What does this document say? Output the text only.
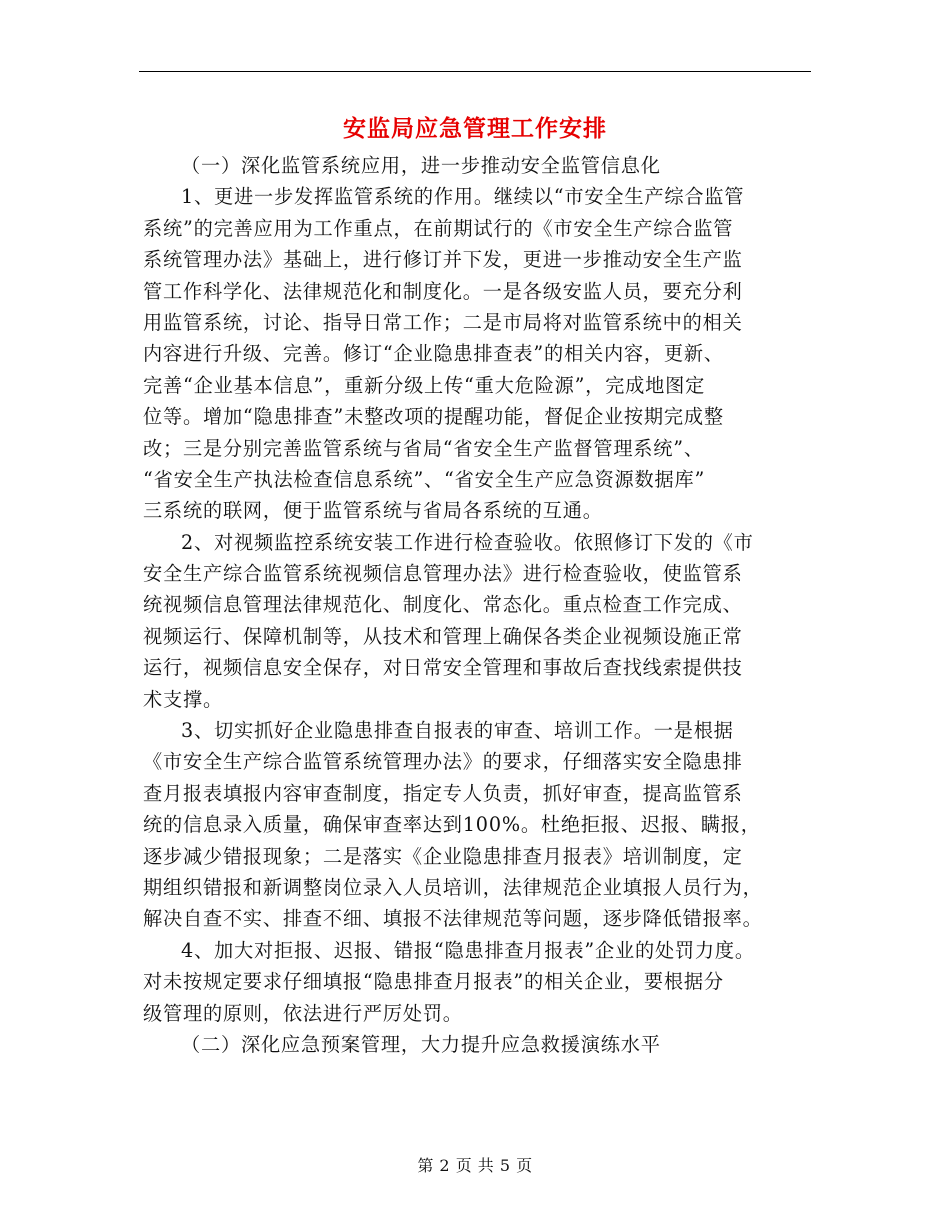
安监局应急管理工作安排
（一）深化监管系统应用，进一步推动安全监管信息化
1、更进一步发挥监管系统的作用。继续以“市安全生产综合监管
系统”的完善应用为工作重点，在前期试行的《市安全生产综合监管
系统管理办法》基础上，进行修订并下发，更进一步推动安全生产监
管工作科学化、法律规范化和制度化。一是各级安监人员，要充分利
用监管系统，讨论、指导日常工作；二是市局将对监管系统中的相关
内容进行升级、完善。修订“企业隐患排查表”的相关内容，更新、
完善“企业基本信息”，重新分级上传“重大危险源”，完成地图定
位等。增加“隐患排查”未整改项的提醒功能，督促企业按期完成整
改；三是分别完善监管系统与省局“省安全生产监督管理系统”、
“省安全生产执法检查信息系统”、“省安全生产应急资源数据库”
三系统的联网，便于监管系统与省局各系统的互通。
2、对视频监控系统安装工作进行检查验收。依照修订下发的《市
安全生产综合监管系统视频信息管理办法》进行检查验收，使监管系
统视频信息管理法律规范化、制度化、常态化。重点检查工作完成、
视频运行、保障机制等，从技术和管理上确保各类企业视频设施正常
运行，视频信息安全保存，对日常安全管理和事故后查找线索提供技
术支撑。
3、切实抓好企业隐患排查自报表的审查、培训工作。一是根据
《市安全生产综合监管系统管理办法》的要求，仔细落实安全隐患排
查月报表填报内容审查制度，指定专人负责，抓好审查，提高监管系
统的信息录入质量，确保审查率达到100%。杜绝拒报、迟报、瞒报，
逐步减少错报现象；二是落实《企业隐患排查月报表》培训制度，定
期组织错报和新调整岗位录入人员培训，法律规范企业填报人员行为，
解决自查不实、排查不细、填报不法律规范等问题，逐步降低错报率。
4、加大对拒报、迟报、错报“隐患排查月报表”企业的处罚力度。
对未按规定要求仔细填报“隐患排查月报表”的相关企业，要根据分
级管理的原则，依法进行严厉处罚。
（二）深化应急预案管理，大力提升应急救援演练水平
第 2 页 共 5 页
